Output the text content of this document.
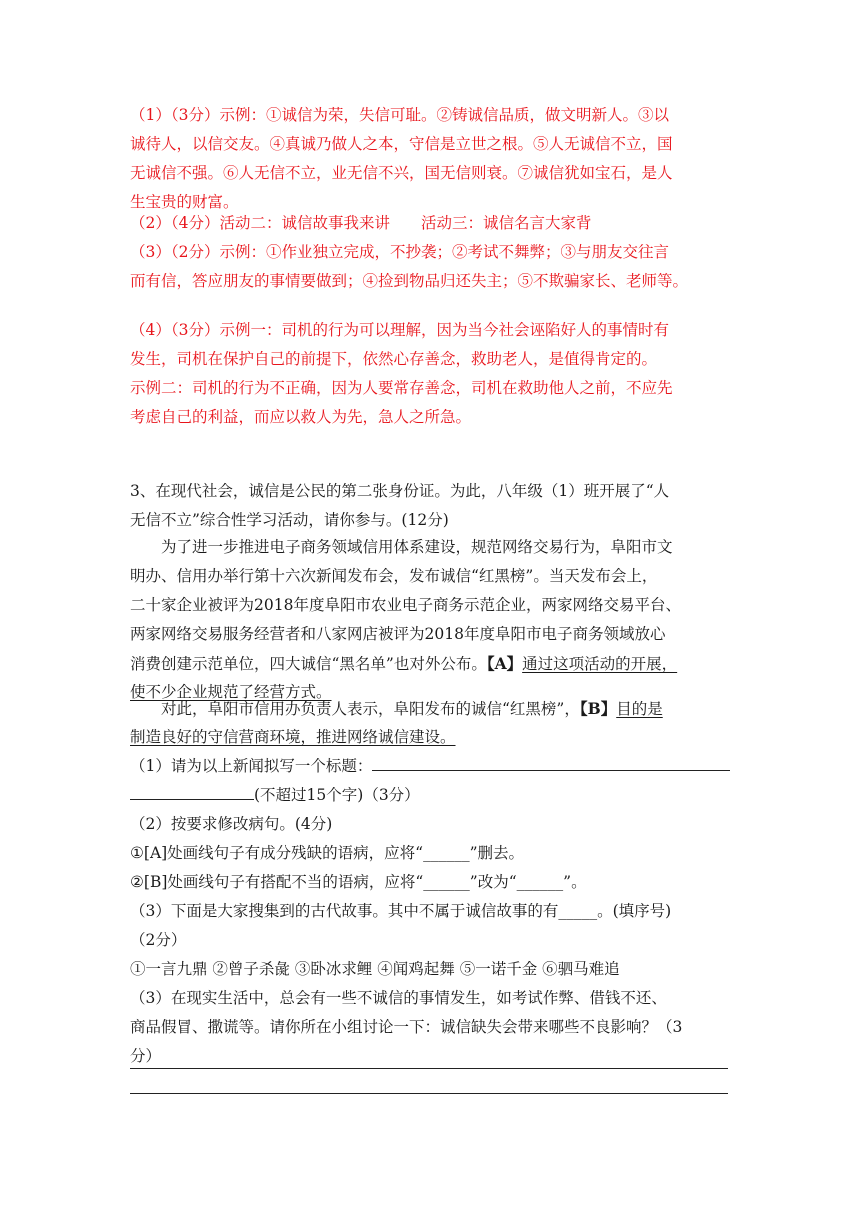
（1）（3分）示例：①诚信为荣，失信可耻。②铸诚信品质，做文明新人。③以
诚待人，以信交友。④真诚乃做人之本，守信是立世之根。⑤人无诚信不立，国
无诚信不强。⑥人无信不立，业无信不兴，国无信则衰。⑦诚信犹如宝石，是人
生宝贵的财富。
（2）（4分）活动二：诚信故事我来讲　　活动三：诚信名言大家背
（3）（2分）示例：①作业独立完成，不抄袭；②考试不舞弊；③与朋友交往言
而有信，答应朋友的事情要做到；④捡到物品归还失主；⑤不欺骗家长、老师等。
（4）（3分）示例一：司机的行为可以理解，因为当今社会诬陷好人的事情时有
发生，司机在保护自己的前提下，依然心存善念，救助老人，是值得肯定的。
示例二：司机的行为不正确，因为人要常存善念，司机在救助他人之前，不应先
考虑自己的利益，而应以救人为先，急人之所急。
3、在现代社会，诚信是公民的第二张身份证。为此，八年级（1）班开展了“人
无信不立”综合性学习活动，请你参与。(12分)
为了进一步推进电子商务领域信用体系建设，规范网络交易行为，阜阳市文
明办、信用办举行第十六次新闻发布会，发布诚信“红黑榜”。当天发布会上，
二十家企业被评为2018年度阜阳市农业电子商务示范企业，两家网络交易平台、
两家网络交易服务经营者和八家网店被评为2018年度阜阳市电子商务领域放心
消费创建示范单位，四大诚信“黑名单”也对外公布。【A】通过这项活动的开展，
使不少企业规范了经营方式。
对此，阜阳市信用办负责人表示，阜阳发布的诚信“红黑榜”，【B】目的是
制造良好的守信营商环境，推进网络诚信建设。
（1）请为以上新闻拟写一个标题：
(不超过15个字)（3分）
（2）按要求修改病句。(4分)
①[A]处画线句子有成分残缺的语病，应将“______”删去。
②[B]处画线句子有搭配不当的语病，应将“______”改为“______”。
（3）下面是大家搜集到的古代故事。其中不属于诚信故事的有_____。(填序号)
（2分）
①一言九鼎 ②曾子杀彘 ③卧冰求鲤 ④闻鸡起舞 ⑤一诺千金 ⑥驷马难追
（3）在现实生活中，总会有一些不诚信的事情发生，如考试作弊、借钱不还、
商品假冒、撒谎等。请你所在小组讨论一下：诚信缺失会带来哪些不良影响？（3
分）
